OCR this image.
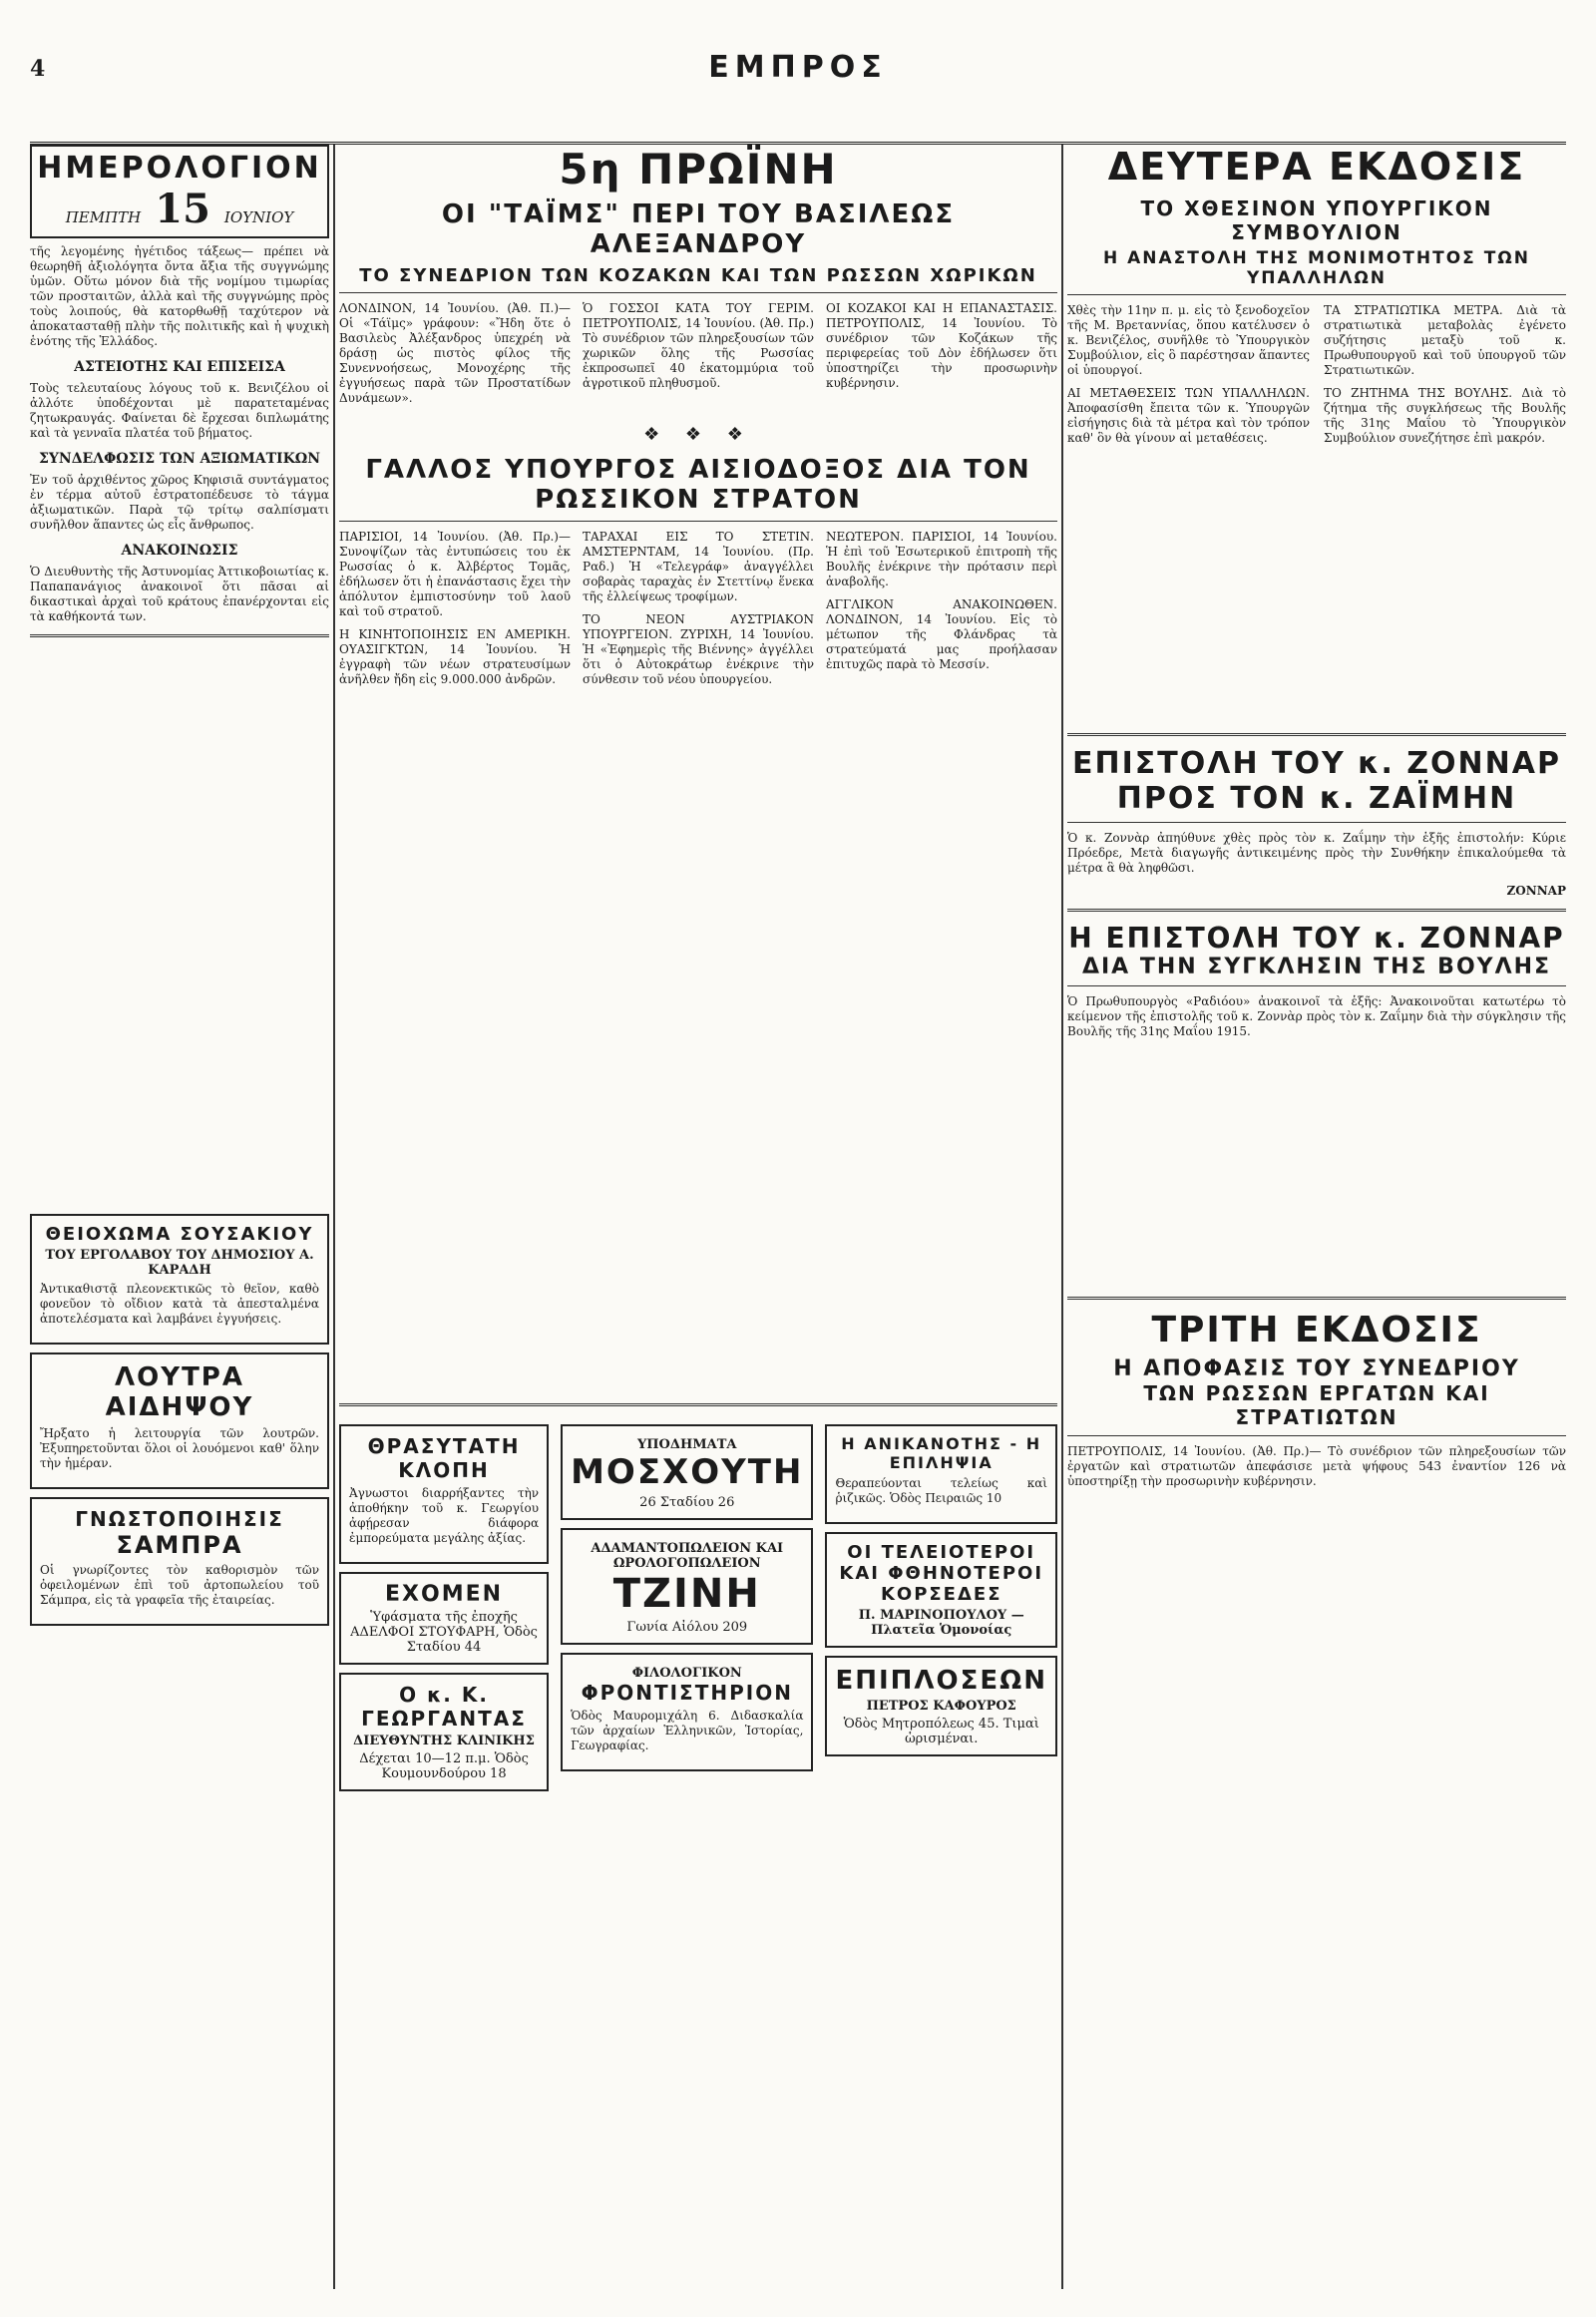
4	ΕΜΠΡΟΣ
ΗΜΕΡΟΛΟΓΙΟΝ
ΠΕΜΠΤΗ 15 ΙΟΥΝΙΟΥ

τῆς λεγομένης ἠγέτιδος τάξεως— πρέπει νὰ θεωρηθῆ ἀξιολόγητα ὄντα ἄξια τῆς συγγνώμης ὑμῶν. Οὕτω μόνον διὰ τῆς νομίμου τιμωρίας τῶν προσταιτῶν, ἀλλὰ καὶ τῆς συγγνώμης πρὸς τοὺς λοιπούς, θὰ κατορθωθῇ ταχύτερον νὰ ἀποκατασταθῇ πλὴν τῆς πολιτικῆς καὶ ἡ ψυχικὴ ἑνότης τῆς Ἑλλάδος.

ΑΣΤΕΙΟΤΗΣ ΚΑΙ ΕΠΙΣΕΙΣΑ

Τοὺς τελευταίους λόγους τοῦ κ. Βενιζέλου οἱ ἀλλότε ὑποδέχονται μὲ παρατεταμένας ζητωκραυγάς. Φαίνεται δὲ ἔρχεσαι διπλωμάτης καὶ τὰ γενναῖα πλατέα τοῦ βήματος.

ΣΥΝΔΕΛΦΩΣΙΣ ΤΩΝ ΑΞΙΩΜΑΤΙΚΩΝ

Ἐν τοῦ ἀρχιθέντος χῶρος Κηφισιᾶ συντάγματος ἐν τέρμα αὐτοῦ ἐστρατοπέδευσε τὸ τάγμα ἀξιωματικῶν. Παρὰ τῷ τρίτῳ σαλπίσματι συνῆλθον ἅπαντες ὡς εἷς ἄνθρωπος.

ΑΝΑΚΟΙΝΩΣΙΣ

Ὁ Διευθυντὴς τῆς Ἀστυνομίας Ἀττικοβοιωτίας κ. Παπαπανάγιος ἀνακοινοῖ ὅτι πᾶσαι αἱ δικαστικαὶ ἀρχαὶ τοῦ κράτους ἐπανέρχονται εἰς τὰ καθήκοντά των.

ΘΕΙΟΧΩΜΑ ΣΟΥΣΑΚΙΟΥ
ΤΟΥ ΕΡΓΟΛΑΒΟΥ ΤΟΥ ΔΗΜΟΣΙΟΥ Α. ΚΑΡΑΔΗ
Ἀντικαθιστᾷ πλεονεκτικῶς τὸ θεῖον, καθὸ φονεῦον τὸ οἴδιον κατὰ τὰ ἀπεσταλμένα ἀποτελέσματα καὶ λαμβάνει ἐγγυήσεις.
ΛΟΥΤΡΑ ΑΙΔΗΨΟΥ
Ἤρξατο ἡ λειτουργία τῶν λουτρῶν. Ἐξυπηρετοῦνται ὅλοι οἱ λουόμενοι καθ' ὅλην τὴν ἡμέραν.
ΓΝΩΣΤΟΠΟΙΗΣΙΣ
ΣΑΜΠΡΑ
Οἱ γνωρίζοντες τὸν καθορισμὸν τῶν ὀφειλομένων ἐπὶ τοῦ ἀρτοπωλείου τοῦ Σάμπρα, εἰς τὰ γραφεῖα τῆς ἐταιρείας.
5η ΠΡΩΪΝΗ
ΟΙ "ΤΑΪΜΣ" ΠΕΡΙ ΤΟΥ ΒΑΣΙΛΕΩΣ ΑΛΕΞΑΝΔΡΟΥ
ΤΟ ΣΥΝΕΔΡΙΟΝ ΤΩΝ ΚΟΖΑΚΩΝ ΚΑΙ ΤΩΝ ΡΩΣΣΩΝ ΧΩΡΙΚΩΝ

ΛΟΝΔΙΝΟΝ, 14 Ἰουνίου. (Ἀθ. Π.)— Οἱ «Τάϊμς» γράφουν: «Ἤδη ὅτε ὁ Βασιλεὺς Ἀλέξανδρος ὑπεχρέη νὰ δράσῃ ὡς πιστὸς φίλος τῆς Συνεννοήσεως, Μονοχέρης τῆς ἐγγυήσεως παρὰ τῶν Προστατίδων Δυνάμεων».

Ὁ ΓΟΣΣΟΙ ΚΑΤΑ ΤΟΥ ΓΕΡΙΜ. ΠΕΤΡΟΥΠΟΛΙΣ, 14 Ἰουνίου. (Ἀθ. Πρ.) Τὸ συνέδριον τῶν πληρεξουσίων τῶν χωρικῶν ὅλης τῆς Ρωσσίας ἐκπροσωπεῖ 40 ἑκατομμύρια τοῦ ἀγροτικοῦ πληθυσμοῦ.

ΟΙ ΚΟΖΑΚΟΙ ΚΑΙ Η ΕΠΑΝΑΣΤΑΣΙΣ. ΠΕΤΡΟΥΠΟΛΙΣ, 14 Ἰουνίου. Τὸ συνέδριον τῶν Κοζάκων τῆς περιφερείας τοῦ Δὸν ἐδήλωσεν ὅτι ὑποστηρίζει τὴν προσωρινὴν κυβέρνησιν.

❖ ❖ ❖
ΓΑΛΛΟΣ ΥΠΟΥΡΓΟΣ ΑΙΣΙΟΔΟΞΟΣ ΔΙΑ ΤΟΝ ΡΩΣΣΙΚΟΝ ΣΤΡΑΤΟΝ

ΠΑΡΙΣΙΟΙ, 14 Ἰουνίου. (Ἀθ. Πρ.)— Συνοψίζων τὰς ἐντυπώσεις του ἐκ Ρωσσίας ὁ κ. Ἀλβέρτος Τομᾶς, ἐδήλωσεν ὅτι ἡ ἐπανάστασις ἔχει τὴν ἀπόλυτον ἐμπιστοσύνην τοῦ λαοῦ καὶ τοῦ στρατοῦ.

Η ΚΙΝΗΤΟΠΟΙΗΣΙΣ ΕΝ ΑΜΕΡΙΚΗ. ΟΥΑΣΙΓΚΤΩΝ, 14 Ἰουνίου. Ἡ ἐγγραφὴ τῶν νέων στρατευσίμων ἀνῆλθεν ἤδη εἰς 9.000.000 ἀνδρῶν.

ΤΑΡΑΧΑΙ ΕΙΣ ΤΟ ΣΤΕΤΙΝ. ΑΜΣΤΕΡΝΤΑΜ, 14 Ἰουνίου. (Πρ. Ραδ.) Ἡ «Τελεγράφ» ἀναγγέλλει σοβαρὰς ταραχὰς ἐν Στεττίνῳ ἕνεκα τῆς ἐλλείψεως τροφίμων.

ΤΟ ΝΕΟΝ ΑΥΣΤΡΙΑΚΟΝ ΥΠΟΥΡΓΕΙΟΝ. ΖΥΡΙΧΗ, 14 Ἰουνίου. Ἡ «Ἐφημερὶς τῆς Βιέννης» ἀγγέλλει ὅτι ὁ Αὐτοκράτωρ ἐνέκρινε τὴν σύνθεσιν τοῦ νέου ὑπουργείου.

ΝΕΩΤΕΡΟΝ. ΠΑΡΙΣΙΟΙ, 14 Ἰουνίου. Ἡ ἐπὶ τοῦ Ἐσωτερικοῦ ἐπιτροπὴ τῆς Βουλῆς ἐνέκρινε τὴν πρότασιν περὶ ἀναβολῆς.

ΑΓΓΛΙΚΟΝ ΑΝΑΚΟΙΝΩΘΕΝ. ΛΟΝΔΙΝΟΝ, 14 Ἰουνίου. Εἰς τὸ μέτωπον τῆς Φλάνδρας τὰ στρατεύματά μας προήλασαν ἐπιτυχῶς παρὰ τὸ Μεσσίν.

ΘΡΑΣΥΤΑΤΗ ΚΛΟΠΗ
Ἀγνωστοι διαρρήξαντες τὴν ἀποθήκην τοῦ κ. Γεωργίου ἀφῄρεσαν διάφορα ἐμπορεύματα μεγάλης ἀξίας.
ΕΧΟΜΕΝ
Ὑφάσματα τῆς ἐποχῆς ΑΔΕΛΦΟΙ ΣΤΟΥΦΑΡΗ, Ὁδὸς Σταδίου 44
Ο κ. Κ. ΓΕΩΡΓΑΝΤΑΣ
ΔΙΕΥΘΥΝΤΗΣ ΚΛΙΝΙΚΗΣ
Δέχεται 10—12 π.μ. Ὁδὸς Κουμουνδούρου 18
ΥΠΟΔΗΜΑΤΑ
ΜΟΣΧΟΥΤΗ
26 Σταδίου 26
ΑΔΑΜΑΝΤΟΠΩΛΕΙΟΝ ΚΑΙ ΩΡΟΛΟΓΟΠΩΛΕΙΟΝ
ΤΖΙΝΗ
Γωνία Αἰόλου 209
ΦΙΛΟΛΟΓΙΚΟΝ
ΦΡΟΝΤΙΣΤΗΡΙΟΝ
Ὁδὸς Μαυρομιχάλη 6. Διδασκαλία τῶν ἀρχαίων Ἑλληνικῶν, Ἱστορίας, Γεωγραφίας.
Η ΑΝΙΚΑΝΟΤΗΣ - Η ΕΠΙΛΗΨΙΑ
Θεραπεύονται τελείως καὶ ῥιζικῶς. Ὁδὸς Πειραιῶς 10
ΟΙ ΤΕΛΕΙΟΤΕΡΟΙ ΚΑΙ ΦΘΗΝΟΤΕΡΟΙ ΚΟΡΣΕΔΕΣ
Π. ΜΑΡΙΝΟΠΟΥΛΟΥ — Πλατεῖα Ὁμονοίας
ΕΠΙΠΛΟΣΕΩΝ
ΠΕΤΡΟΣ ΚΑΦΟΥΡΟΣ
Ὁδὸς Μητροπόλεως 45. Τιμαὶ ὡρισμέναι.
ΔΕΥΤΕΡΑ ΕΚΔΟΣΙΣ
ΤΟ ΧΘΕΣΙΝΟΝ ΥΠΟΥΡΓΙΚΟΝ ΣΥΜΒΟΥΛΙΟΝ
Η ΑΝΑΣΤΟΛΗ ΤΗΣ ΜΟΝΙΜΟΤΗΤΟΣ ΤΩΝ ΥΠΑΛΛΗΛΩΝ

Χθὲς τὴν 11ην π. μ. εἰς τὸ ξενοδοχεῖον τῆς Μ. Βρεταννίας, ὅπου κατέλυσεν ὁ κ. Βενιζέλος, συνῆλθε τὸ Ὑπουργικὸν Συμβούλιον, εἰς ὃ παρέστησαν ἅπαντες οἱ ὑπουργοί.

ΑΙ ΜΕΤΑΘΕΣΕΙΣ ΤΩΝ ΥΠΑΛΛΗΛΩΝ. Ἀποφασίσθη ἔπειτα τῶν κ. Ὑπουργῶν εἰσήγησις διὰ τὰ μέτρα καὶ τὸν τρόπον καθ' ὃν θὰ γίνουν αἱ μεταθέσεις.

ΤΑ ΣΤΡΑΤΙΩΤΙΚΑ ΜΕΤΡΑ. Διὰ τὰ στρατιωτικὰ μεταβολὰς ἐγένετο συζήτησις μεταξὺ τοῦ κ. Πρωθυπουργοῦ καὶ τοῦ ὑπουργοῦ τῶν Στρατιωτικῶν.

ΤΟ ΖΗΤΗΜΑ ΤΗΣ ΒΟΥΛΗΣ. Διὰ τὸ ζήτημα τῆς συγκλήσεως τῆς Βουλῆς τῆς 31ης Μαΐου τὸ Ὑπουργικὸν Συμβούλιον συνεζήτησε ἐπὶ μακρόν.

ΕΠΙΣΤΟΛΗ ΤΟΥ κ. ΖΟΝΝΑΡ
ΠΡΟΣ ΤΟΝ κ. ΖΑΪΜΗΝ

Ὁ κ. Ζοννὰρ ἀπηύθυνε χθὲς πρὸς τὸν κ. Ζαΐμην τὴν ἑξῆς ἐπιστολήν: Κύριε Πρόεδρε, Μετὰ διαγωγῆς ἀντικειμένης πρὸς τὴν Συνθήκην ἐπικαλούμεθα τὰ μέτρα ἃ θὰ ληφθῶσι.

ΖΟΝΝΑΡ
Η ΕΠΙΣΤΟΛΗ ΤΟΥ κ. ΖΟΝΝΑΡ
ΔΙΑ ΤΗΝ ΣΥΓΚΛΗΣΙΝ ΤΗΣ ΒΟΥΛΗΣ

Ὁ Πρωθυπουργὸς «Ραδιόου» ἀνακοινοῖ τὰ ἑξῆς: Ἀνακοινοῦται κατωτέρω τὸ κείμενον τῆς ἐπιστολῆς τοῦ κ. Ζοννὰρ πρὸς τὸν κ. Ζαΐμην διὰ τὴν σύγκλησιν τῆς Βουλῆς τῆς 31ης Μαΐου 1915.

ΤΡΙΤΗ ΕΚΔΟΣΙΣ
Η ΑΠΟΦΑΣΙΣ ΤΟΥ ΣΥΝΕΔΡΙΟΥ
ΤΩΝ ΡΩΣΣΩΝ ΕΡΓΑΤΩΝ ΚΑΙ ΣΤΡΑΤΙΩΤΩΝ

ΠΕΤΡΟΥΠΟΛΙΣ, 14 Ἰουνίου. (Ἀθ. Πρ.)— Τὸ συνέδριον τῶν πληρεξουσίων τῶν ἐργατῶν καὶ στρατιωτῶν ἀπεφάσισε μετὰ ψήφους 543 ἐναντίον 126 νὰ ὑποστηρίξῃ τὴν προσωρινὴν κυβέρνησιν.
